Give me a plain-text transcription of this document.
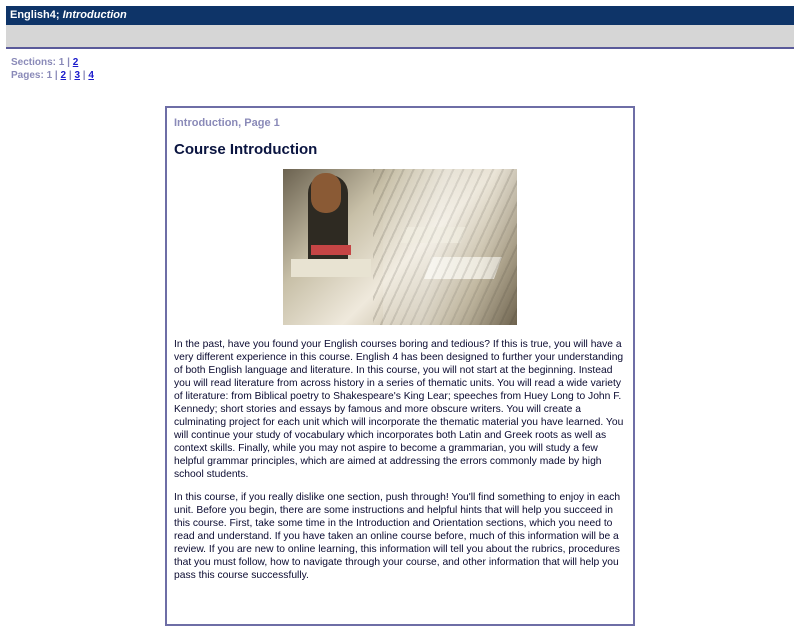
English4; Introduction
Sections: 1 | 2
Pages: 1 | 2 | 3 | 4
Introduction, Page 1
Course Introduction

In the past, have you found your English courses boring and tedious? If this is true, you will have a very different experience in this course. English 4 has been designed to further your understanding of both English language and literature. In this course, you will not start at the beginning. Instead you will read literature from across history in a series of thematic units. You will read a wide variety of literature: from Biblical poetry to Shakespeare's King Lear; speeches from Huey Long to John F. Kennedy; short stories and essays by famous and more obscure writers. You will create a culminating project for each unit which will incorporate the thematic material you have learned. You will continue your study of vocabulary which incorporates both Latin and Greek roots as well as context skills. Finally, while you may not aspire to become a grammarian, you will study a few helpful grammar principles, which are aimed at addressing the errors commonly made by high school students.

In this course, if you really dislike one section, push through! You'll find something to enjoy in each unit. Before you begin, there are some instructions and helpful hints that will help you succeed in this course. First, take some time in the Introduction and Orientation sections, which you need to read and understand. If you have taken an online course before, much of this information will be a review. If you are new to online learning, this information will tell you about the rubrics, procedures that you must follow, how to navigate through your course, and other information that will help you pass this course successfully.
